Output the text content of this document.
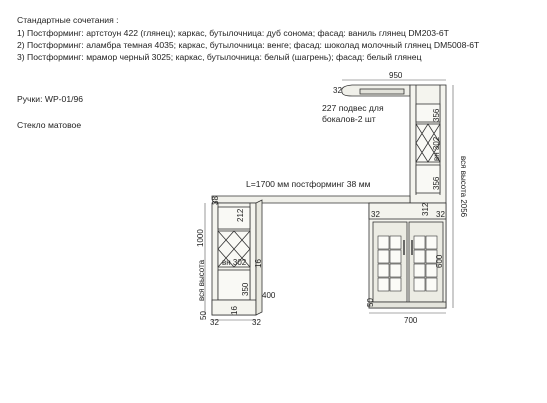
Стандартные сочетания :
1) Постформинг: артстоун 422 (глянец); каркас, бутылочница: дуб сонома; фасад: ваниль глянец DM203-6Т
2) Постформинг: аламбра темная 4035; каркас, бутылочница: венге; фасад: шоколад молочный глянец DM5008-6Т
3) Постформинг: мрамор черный 3025; каркас, бутылочница: белый (шагрень); фасад: белый глянец
Ручки: WP-01/96
Стекло матовое
227 подвес для
бокалов-2 шт
L=1700 мм постформинг 38 мм
950
32
356
вн 302
356 вся высота 2056
32	312 32
600
50
700
38
212
1000
вн 302 16
350
16
400
вся высота
50
32	32
